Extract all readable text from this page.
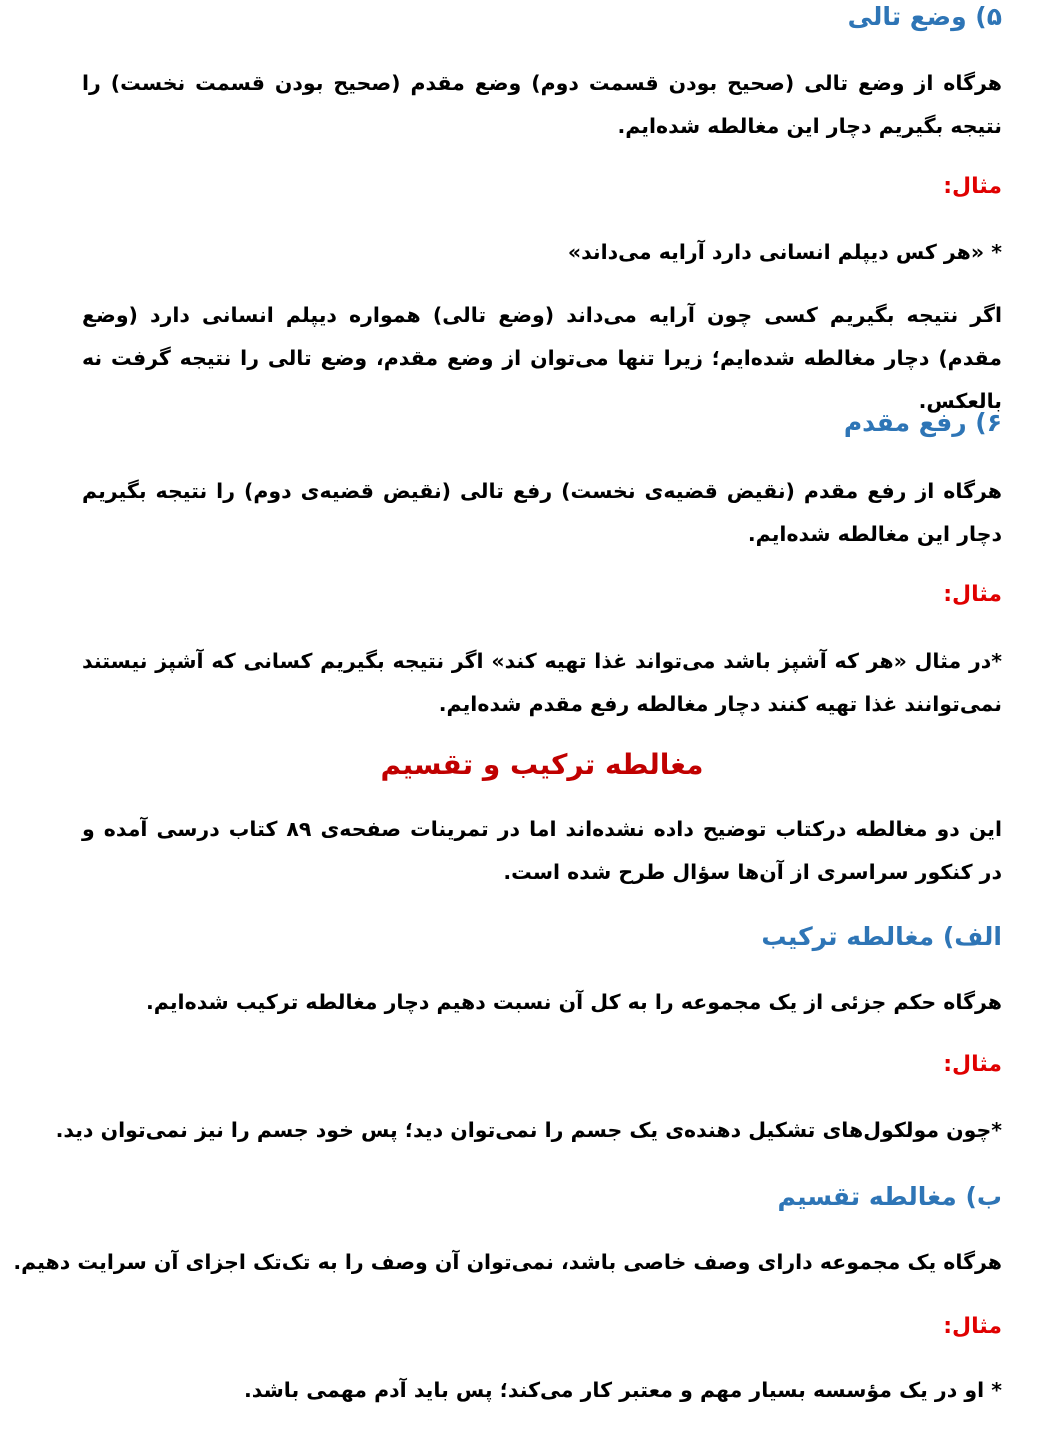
۵) وضع تالی
هرگاه از وضع تالی (صحیح بودن قسمت دوم) وضع مقدم (صحیح بودن قسمت نخست) را نتیجه بگیریم دچار این مغالطه شده‌ایم.
مثال:
* «هر کس دیپلم انسانی دارد آرایه می‌داند»
اگر نتیجه بگیریم کسی چون آرایه می‌داند (وضع تالی) همواره دیپلم انسانی دارد (وضع مقدم) دچار مغالطه شده‌ایم؛ زیرا تنها می‌توان از وضع مقدم، وضع تالی را نتیجه گرفت نه بالعکس.
۶) رفع مقدم
هرگاه از رفع مقدم (نقیض قضیه‌ی نخست) رفع تالی (نقیض قضیه‌ی دوم) را نتیجه بگیریم دچار این مغالطه شده‌ایم.
مثال:
*در مثال «هر که آشپز باشد می‌تواند غذا تهیه کند» اگر نتیجه بگیریم کسانی که آشپز نیستند نمی‌توانند غذا تهیه کنند دچار مغالطه رفع مقدم شده‌ایم.
مغالطه ترکیب و تقسیم
این دو مغالطه درکتاب توضیح داده نشده‌اند اما در تمرینات صفحه‌ی ۸۹ کتاب درسی آمده و در کنکور سراسری از آن‌ها سؤال طرح شده است.
الف) مغالطه ترکیب
هرگاه حکم جزئی از یک مجموعه را به کل آن نسبت دهیم دچار مغالطه ترکیب شده‌ایم.
مثال:
*چون مولکول‌های تشکیل دهنده‌ی یک جسم را نمی‌توان دید؛ پس خود جسم را نیز نمی‌توان دید.
ب) مغالطه تقسیم
هرگاه یک مجموعه دارای وصف خاصی باشد، نمی‌توان آن وصف را به تک‌تک اجزای آن سرایت دهیم.
مثال:
* او در یک مؤسسه بسیار مهم و معتبر کار می‌کند؛ پس باید آدم مهمی باشد.
